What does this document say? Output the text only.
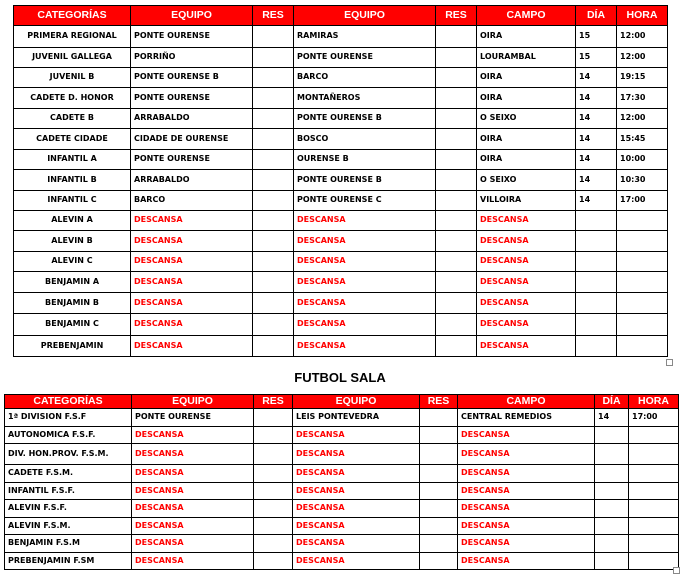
CATEGORÍAS	EQUIPO	RES	EQUIPO	RES	CAMPO	DÍA	HORA
PRIMERA REGIONAL	PONTE OURENSE		RAMIRAS		OIRA	15	12:00
JUVENIL GALLEGA	PORRIÑO		PONTE OURENSE		LOURAMBAL	15	12:00
JUVENIL B	PONTE OURENSE B		BARCO		OIRA	14	19:15
CADETE D. HONOR	PONTE OURENSE		MONTAÑEROS		OIRA	14	17:30
CADETE B	ARRABALDO		PONTE OURENSE B		O SEIXO	14	12:00
CADETE CIDADE	CIDADE DE OURENSE		BOSCO		OIRA	14	15:45
INFANTIL A	PONTE OURENSE		OURENSE B		OIRA	14	10:00
INFANTIL B	ARRABALDO		PONTE OURENSE B		O SEIXO	14	10:30
INFANTIL C	BARCO		PONTE OURENSE C		VILLOIRA	14	17:00
ALEVIN A	DESCANSA		DESCANSA		DESCANSA		
ALEVIN B	DESCANSA		DESCANSA		DESCANSA		
ALEVIN C	DESCANSA		DESCANSA		DESCANSA		
BENJAMIN A	DESCANSA		DESCANSA		DESCANSA		
BENJAMIN B	DESCANSA		DESCANSA		DESCANSA		
BENJAMIN C	DESCANSA		DESCANSA		DESCANSA		
PREBENJAMIN	DESCANSA		DESCANSA		DESCANSA		
FUTBOL SALA
CATEGORÍAS	EQUIPO	RES	EQUIPO	RES	CAMPO	DÍA	HORA
1ª DIVISION F.S.F	PONTE OURENSE		LEIS PONTEVEDRA		CENTRAL REMEDIOS	14	17:00
AUTONOMICA F.S.F.	DESCANSA		DESCANSA		DESCANSA		
DIV. HON.PROV. F.S.M.	DESCANSA		DESCANSA		DESCANSA		
CADETE F.S.M.	DESCANSA		DESCANSA		DESCANSA		
INFANTIL F.S.F.	DESCANSA		DESCANSA		DESCANSA		
ALEVIN F.S.F.	DESCANSA		DESCANSA		DESCANSA		
ALEVIN F.S.M.	DESCANSA		DESCANSA		DESCANSA		
BENJAMIN F.S.M	DESCANSA		DESCANSA		DESCANSA		
PREBENJAMIN F.SM	DESCANSA		DESCANSA		DESCANSA		
